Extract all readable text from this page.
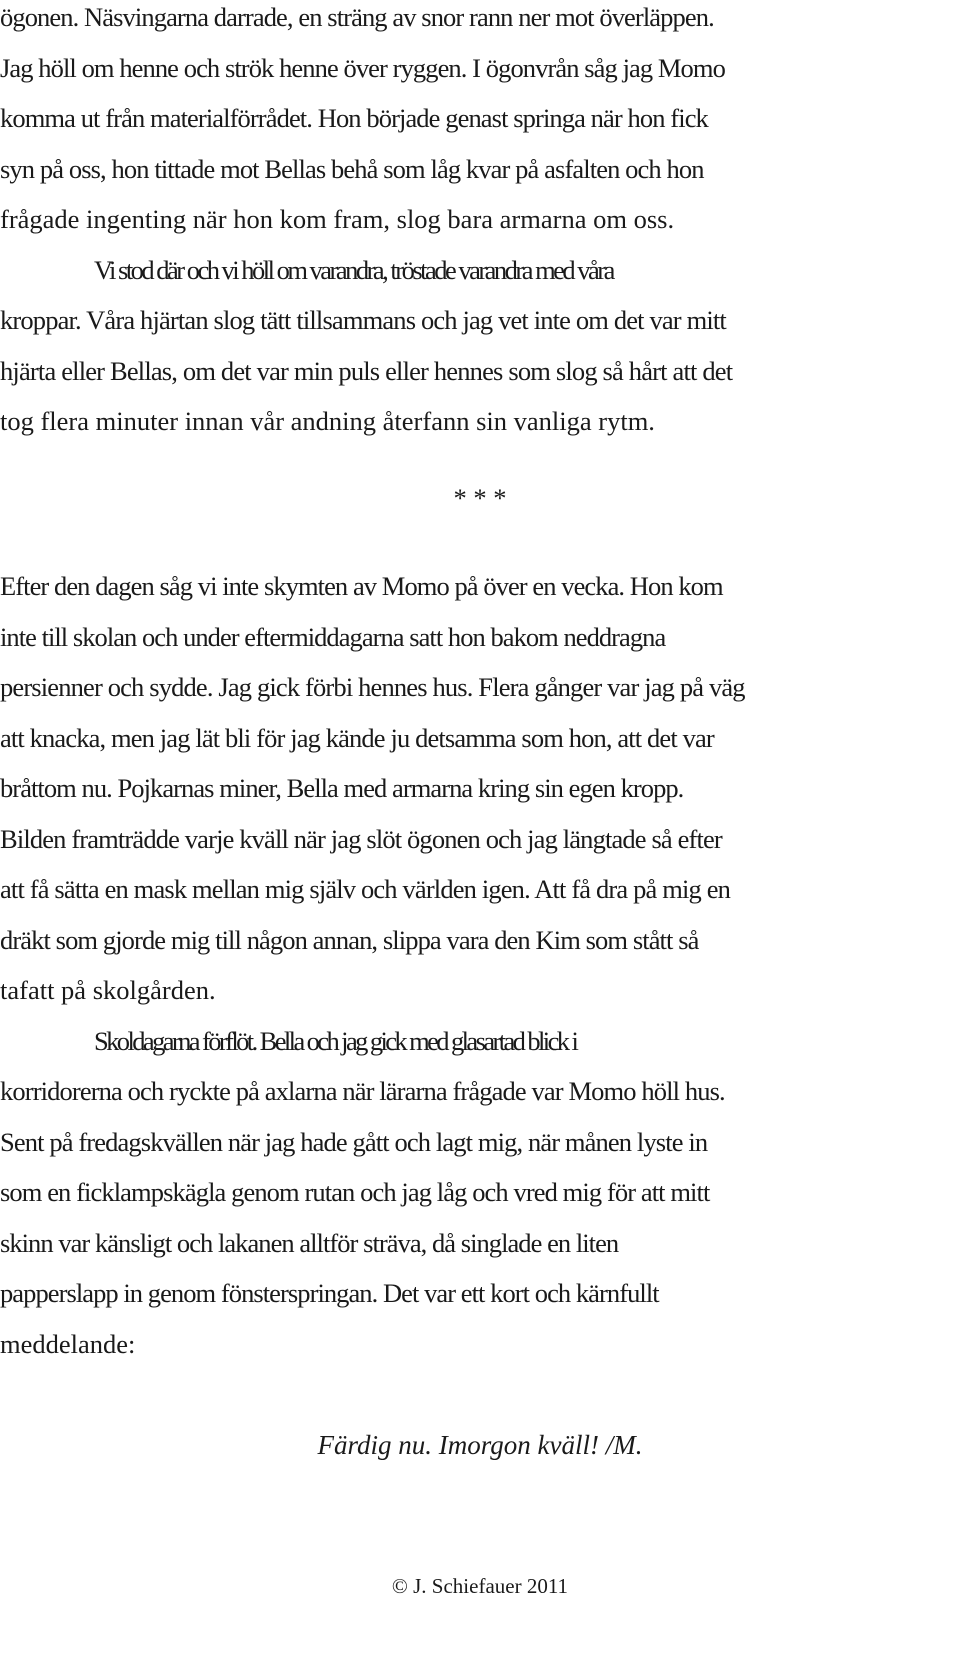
ögonen. Näsvingarna darrade, en sträng av snor rann ner mot överläppen.
Jag höll om henne och strök henne över ryggen. I ögonvrån såg jag Momo
komma ut från materialförrådet. Hon började genast springa när hon fick
syn på oss, hon tittade mot Bellas behå som låg kvar på asfalten och hon
frågade ingenting när hon kom fram, slog bara armarna om oss.
Vi stod där och vi höll om varandra, tröstade varandra med våra
kroppar. Våra hjärtan slog tätt tillsammans och jag vet inte om det var mitt
hjärta eller Bellas, om det var min puls eller hennes som slog så hårt att det
tog flera minuter innan vår andning återfann sin vanliga rytm.
* * *
Efter den dagen såg vi inte skymten av Momo på över en vecka. Hon kom
inte till skolan och under eftermiddagarna satt hon bakom neddragna
persienner och sydde. Jag gick förbi hennes hus. Flera gånger var jag på väg
att knacka, men jag lät bli för jag kände ju detsamma som hon, att det var
bråttom nu. Pojkarnas miner, Bella med armarna kring sin egen kropp.
Bilden framträdde varje kväll när jag slöt ögonen och jag längtade så efter
att få sätta en mask mellan mig själv och världen igen. Att få dra på mig en
dräkt som gjorde mig till någon annan, slippa vara den Kim som stått så
tafatt på skolgården.
Skoldagarna förflöt. Bella och jag gick med glasartad blick i
korridorerna och ryckte på axlarna när lärarna frågade var Momo höll hus.
Sent på fredagskvällen när jag hade gått och lagt mig, när månen lyste in
som en ficklampskägla genom rutan och jag låg och vred mig för att mitt
skinn var känsligt och lakanen alltför sträva, då singlade en liten
papperslapp in genom fönsterspringan. Det var ett kort och kärnfullt
meddelande:
Färdig nu. Imorgon kväll! /M.
© J. Schiefauer 2011
